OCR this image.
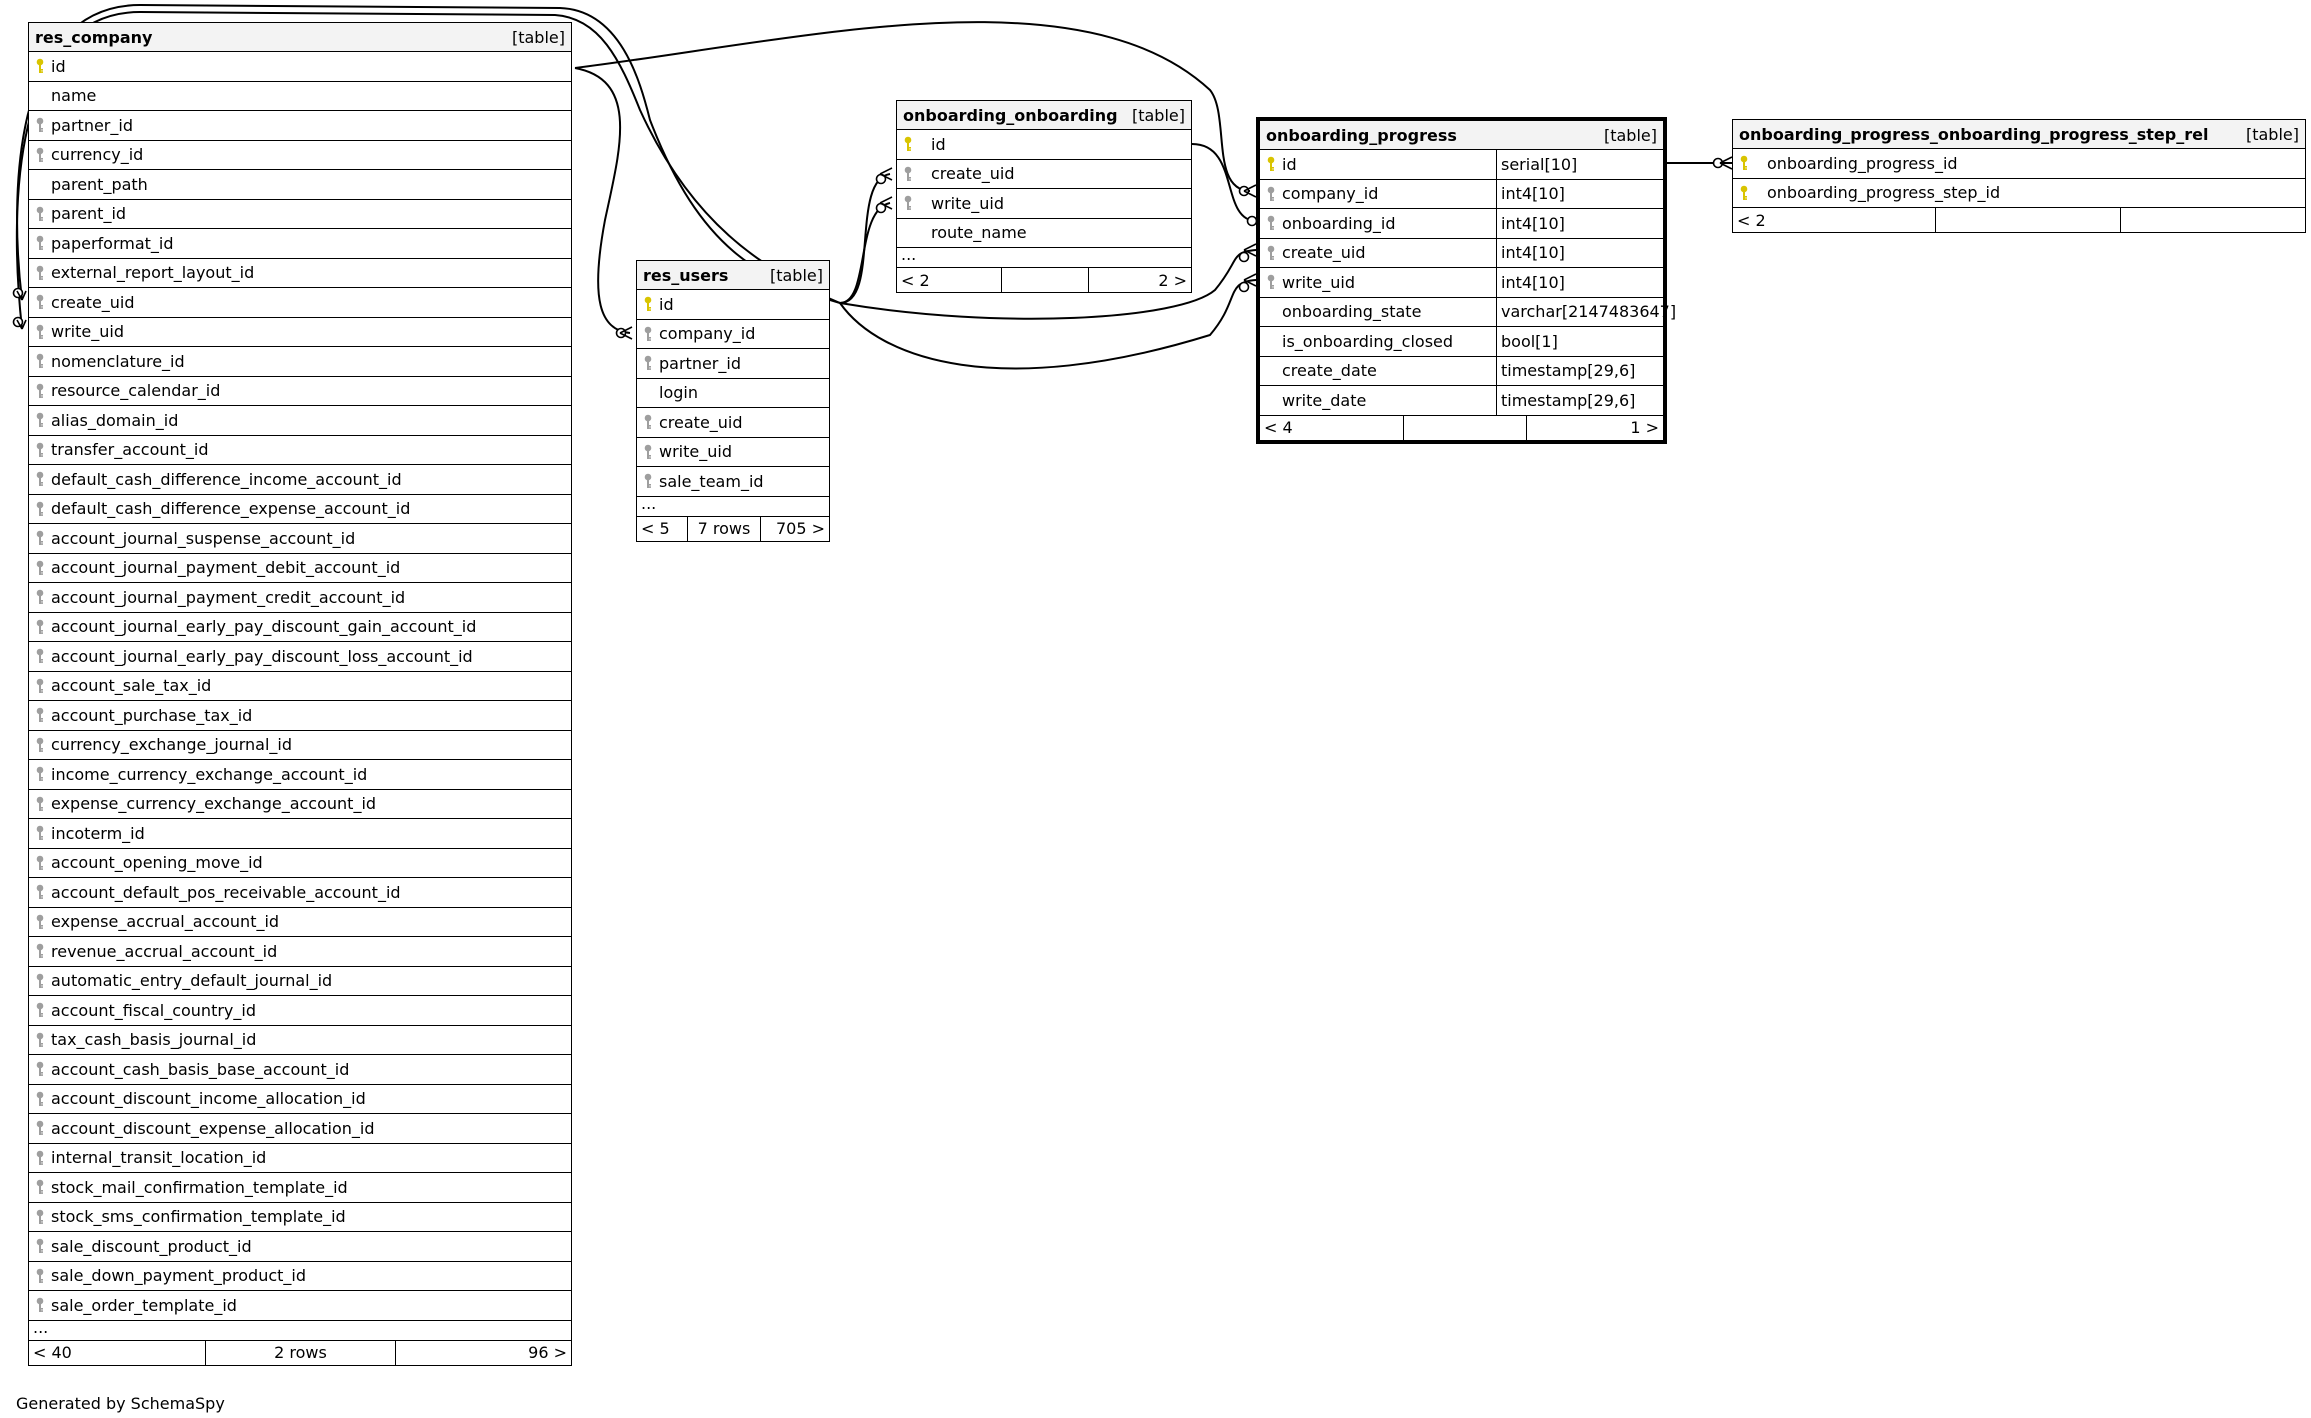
res_company	[table]
id
name
partner_id
currency_id
parent_path
parent_id
paperformat_id
external_report_layout_id
create_uid
write_uid
nomenclature_id
resource_calendar_id
alias_domain_id
transfer_account_id
default_cash_difference_income_account_id
default_cash_difference_expense_account_id
account_journal_suspense_account_id
account_journal_payment_debit_account_id
account_journal_payment_credit_account_id
account_journal_early_pay_discount_gain_account_id
account_journal_early_pay_discount_loss_account_id
account_sale_tax_id
account_purchase_tax_id
currency_exchange_journal_id
income_currency_exchange_account_id
expense_currency_exchange_account_id
incoterm_id
account_opening_move_id
account_default_pos_receivable_account_id
expense_accrual_account_id
revenue_accrual_account_id
automatic_entry_default_journal_id
account_fiscal_country_id
tax_cash_basis_journal_id
account_cash_basis_base_account_id
account_discount_income_allocation_id
account_discount_expense_allocation_id
internal_transit_location_id
stock_mail_confirmation_template_id
stock_sms_confirmation_template_id
sale_discount_product_id
sale_down_payment_product_id
sale_order_template_id
...
< 40	2 rows	96 >
res_users	[table]
id
company_id
partner_id
login
create_uid
write_uid
sale_team_id
...
< 5	7 rows	705 >
onboarding_onboarding [table]
id
create_uid
write_uid
route_name
...
< 2	2 >
onboarding_progress	[table]
id	serial[10]
company_id	int4[10]
onboarding_id	int4[10]
create_uid	int4[10]
write_uid	int4[10]
onboarding_state	varchar[2147483647]
is_onboarding_closed	bool[1]
create_date	timestamp[29,6]
write_date	timestamp[29,6]
< 4	1 >
onboarding_progress_onboarding_progress_step_rel [table]
onboarding_progress_id
onboarding_progress_step_id
< 2
Generated by SchemaSpy
